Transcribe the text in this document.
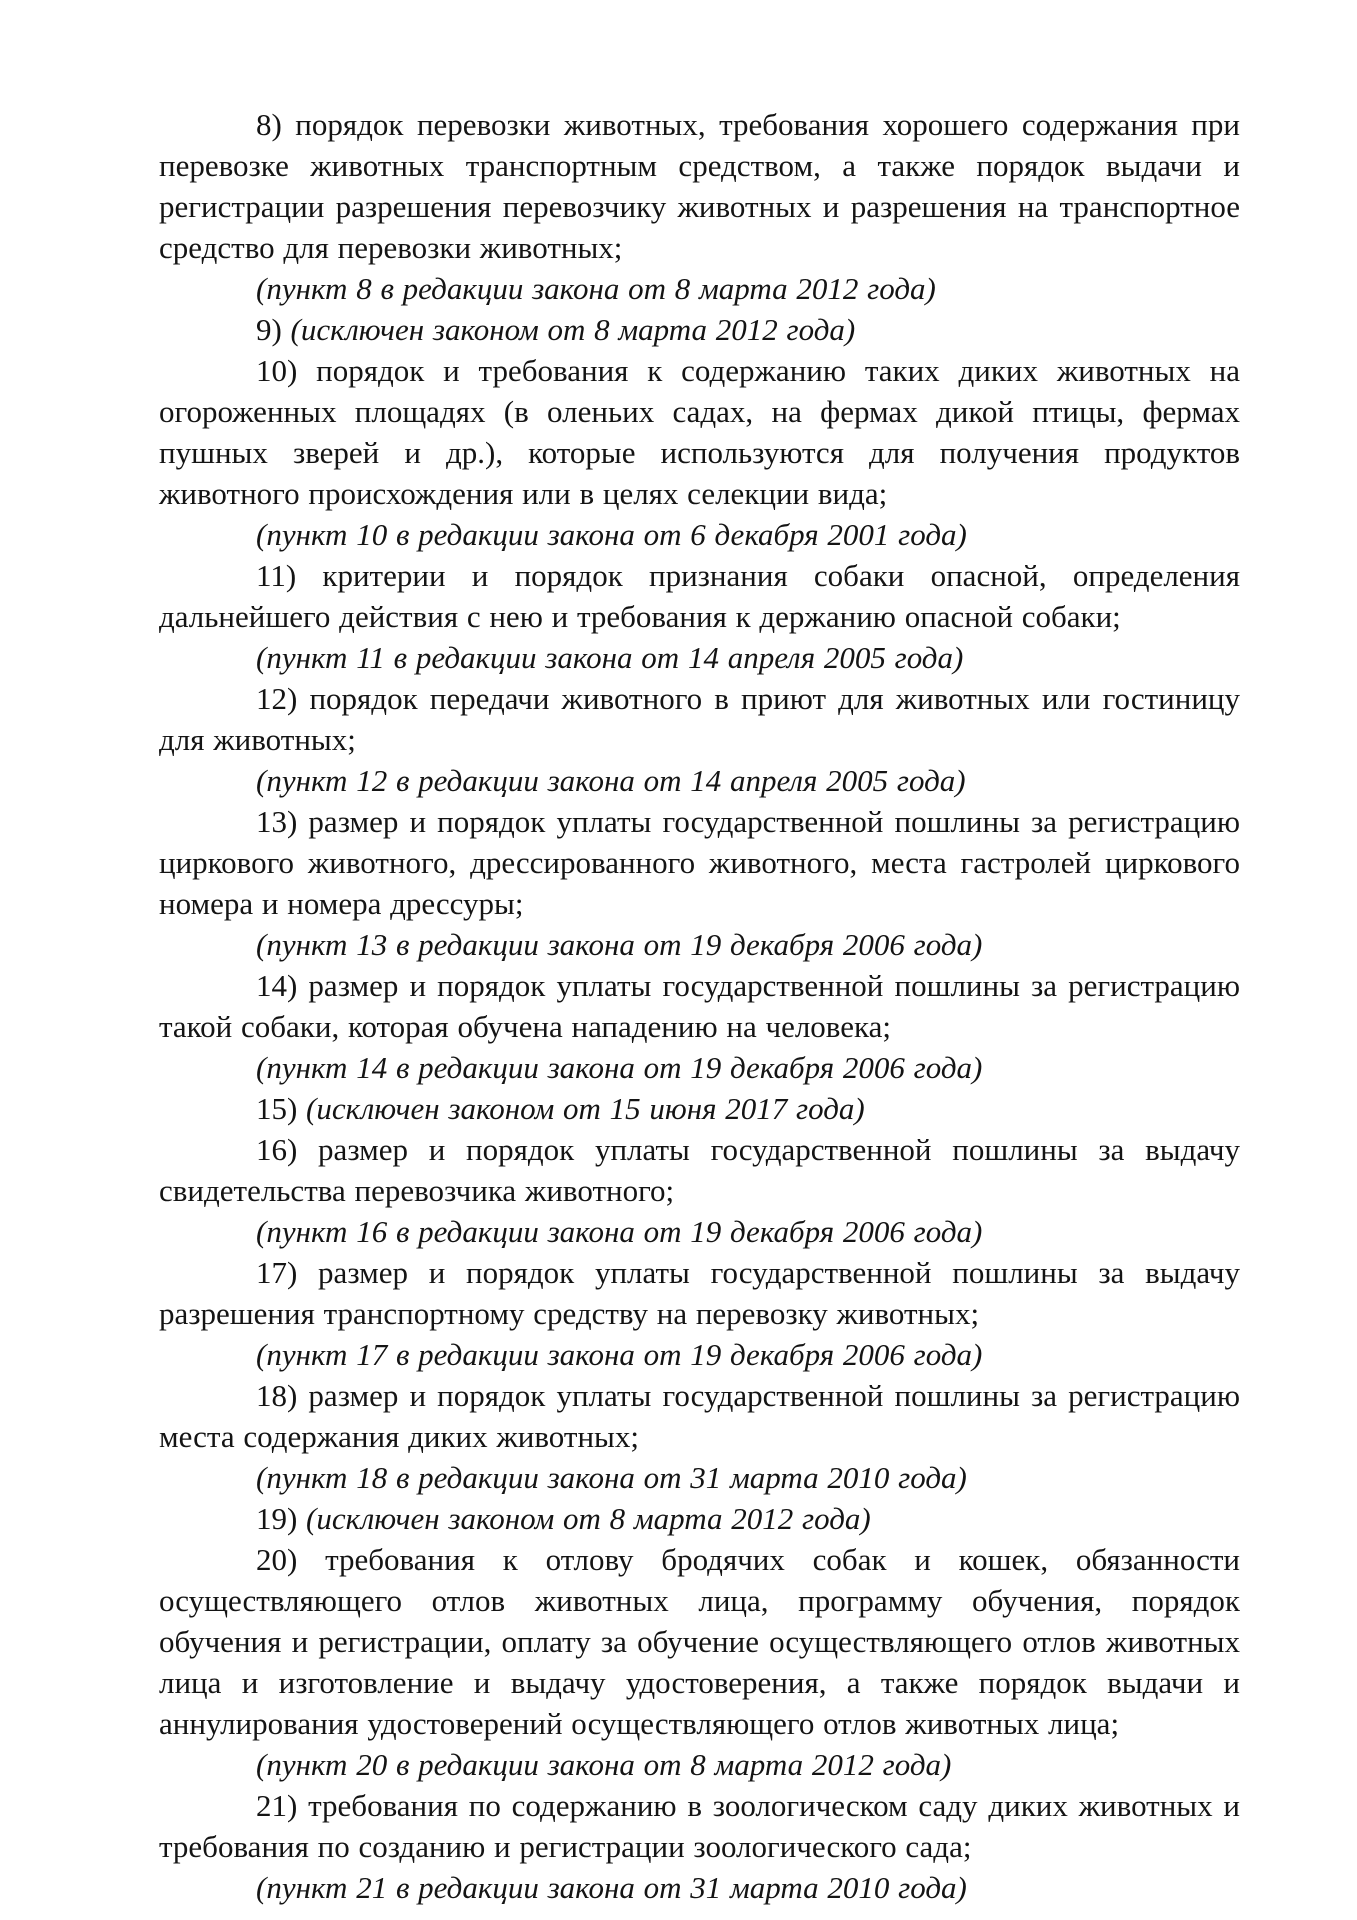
8) порядок перевозки животных, требования хорошего содержания при перевозке животных транспортным средством, а также порядок выдачи и регистрации разрешения перевозчику животных и разрешения на транспортное средство для перевозки животных;

(пункт 8 в редакции закона от 8 марта 2012 года)

9) (исключен законом от 8 марта 2012 года)

10) порядок и требования к содержанию таких диких животных на огороженных площадях (в оленьих садах, на фермах дикой птицы, фермах пушных зверей и др.), которые используются для получения продуктов животного происхождения или в целях селекции вида;

(пункт 10 в редакции закона от 6 декабря 2001 года)

11) критерии и порядок признания собаки опасной, определения дальнейшего действия с нею и требования к держанию опасной собаки;

(пункт 11 в редакции закона от 14 апреля 2005 года)

12) порядок передачи животного в приют для животных или гостиницу для животных;

(пункт 12 в редакции закона от 14 апреля 2005 года)

13) размер и порядок уплаты государственной пошлины за регистрацию циркового животного, дрессированного животного, места гастролей циркового номера и номера дрессуры;

(пункт 13 в редакции закона от 19 декабря 2006 года)

14) размер и порядок уплаты государственной пошлины за регистрацию такой собаки, которая обучена нападению на человека;

(пункт 14 в редакции закона от 19 декабря 2006 года)

15) (исключен законом от 15 июня 2017 года)

16) размер и порядок уплаты государственной пошлины за выдачу свидетельства перевозчика животного;

(пункт 16 в редакции закона от 19 декабря 2006 года)

17) размер и порядок уплаты государственной пошлины за выдачу разрешения транспортному средству на перевозку животных;

(пункт 17 в редакции закона от 19 декабря 2006 года)

18) размер и порядок уплаты государственной пошлины за регистрацию места содержания диких животных;

(пункт 18 в редакции закона от 31 марта 2010 года)

19) (исключен законом от 8 марта 2012 года)

20) требования к отлову бродячих собак и кошек, обязанности осуществляющего отлов животных лица, программу обучения, порядок обучения и регистрации, оплату за обучение осуществляющего отлов животных лица и изготовление и выдачу удостоверения, а также порядок выдачи и аннулирования удостоверений осуществляющего отлов животных лица;

(пункт 20 в редакции закона от 8 марта 2012 года)

21) требования по содержанию в зоологическом саду диких животных и требования по созданию и регистрации зоологического сада;

(пункт 21 в редакции закона от 31 марта 2010 года)
